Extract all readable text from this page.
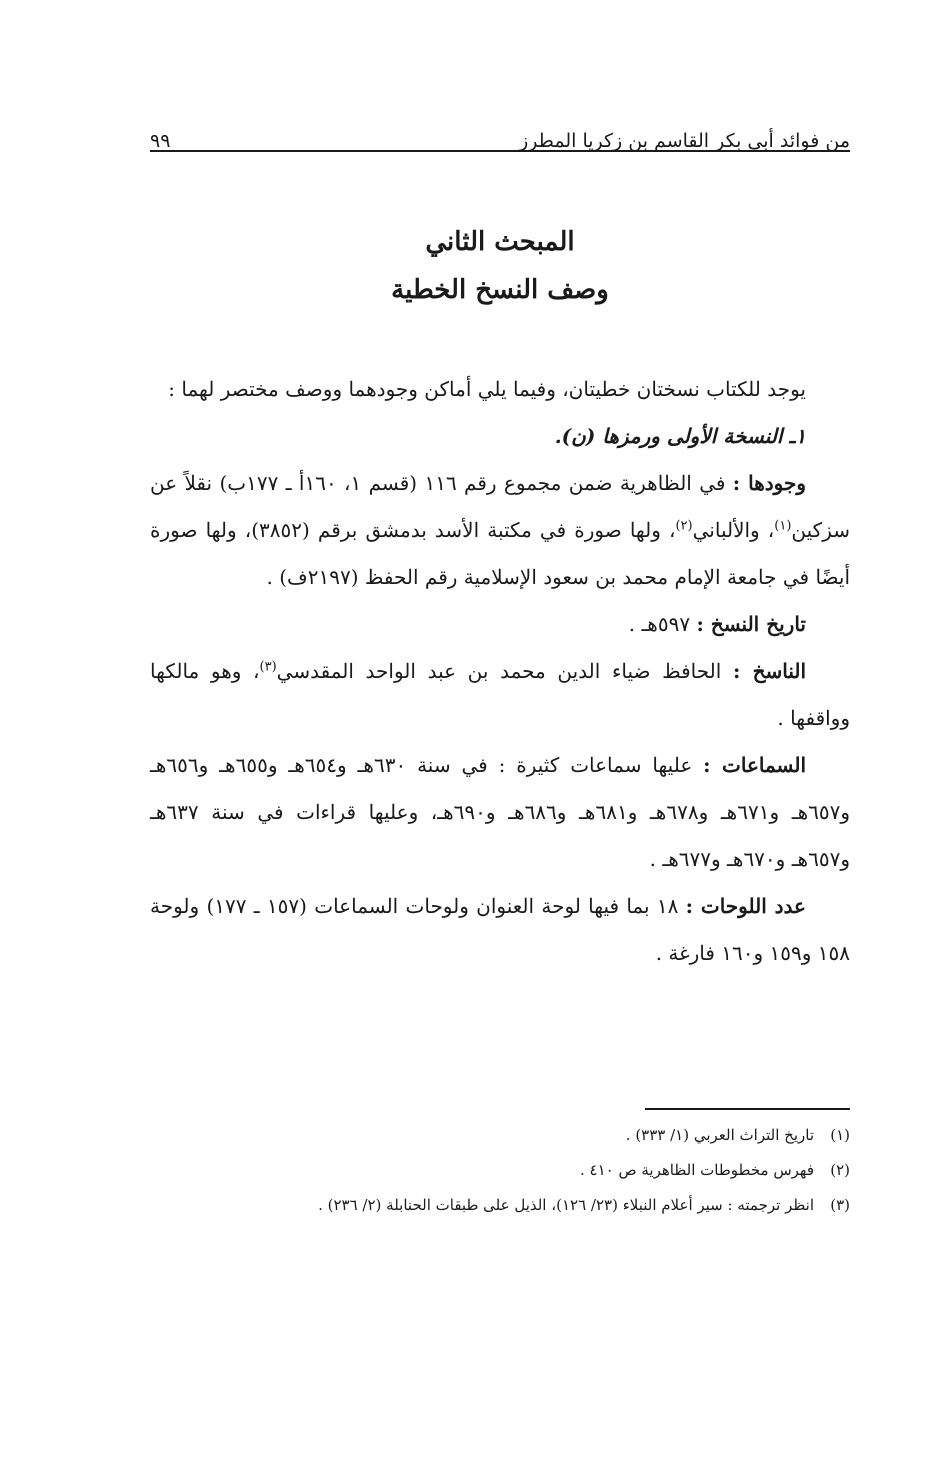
من فوائد أبي بكر القاسم بن زكريا المطرز
٩٩
المبحث الثاني
وصف النسخ الخطية

يوجد للكتاب نسختان خطيتان، وفيما يلي أماكن وجودهما ووصف مختصر لهما :

١ـ النسخة الأولى ورمزها (ن).

وجودها : في الظاهرية ضمن مجموع رقم ١١٦ (قسم ١، ١٦٠أ ـ ١٧٧ب) نقلاً عن سزكين$^{(١)}$، والألباني$^{(٢)}$، ولها صورة في مكتبة الأسد بدمشق برقم (٣٨٥٢)، ولها صورة أيضًا في جامعة الإمام محمد بن سعود الإسلامية رقم الحفظ (٢١٩٧ف) .

تاريخ النسخ : ٥٩٧هـ .

الناسخ : الحافظ ضياء الدين محمد بن عبد الواحد المقدسي$^{(٣)}$، وهو مالكها وواقفها .

السماعات : عليها سماعات كثيرة : في سنة ٦٣٠هـ و٦٥٤هـ و٦٥٥هـ و٦٥٦هـ و٦٥٧هـ و٦٧١هـ و٦٧٨هـ و٦٨١هـ و٦٨٦هـ و٦٩٠هـ، وعليها قراءات في سنة ٦٣٧هـ و٦٥٧هـ و٦٧٠هـ و٦٧٧هـ .

عدد اللوحات : ١٨ بما فيها لوحة العنوان ولوحات السماعات (١٥٧ ـ ١٧٧) ولوحة ١٥٨ و١٥٩ و١٦٠ فارغة .

(١)تاريخ التراث العربي (١/ ٣٣٣) .

(٢)فهرس مخطوطات الظاهرية ص ٤١٠ .

(٣)انظر ترجمته : سير أعلام النبلاء (٢٣/ ١٢٦)، الذيل على طبقات الحنابلة (٢/ ٢٣٦) .
